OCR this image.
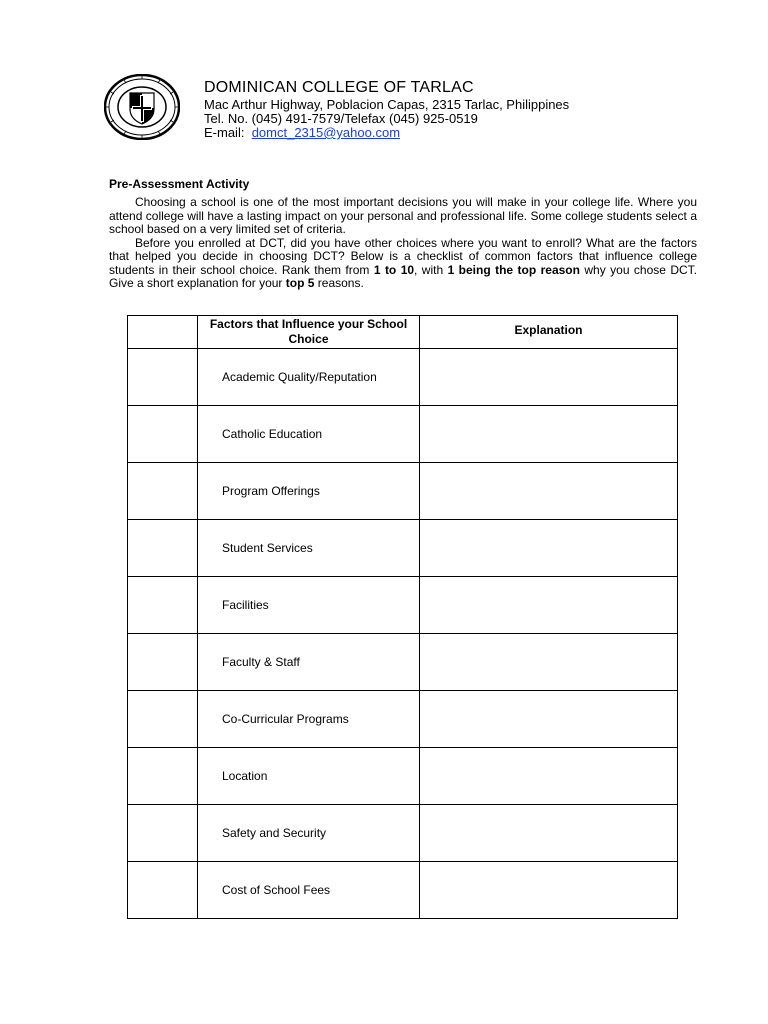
DOMINICAN COLLEGE OF TARLAC
Mac Arthur Highway, Poblacion Capas, 2315 Tarlac, Philippines
Tel. No. (045) 491-7579/Telefax (045) 925-0519
E-mail: domct_2315@yahoo.com
Pre-Assessment Activity

Choosing a school is one of the most important decisions you will make in your college life. Where you attend college will have a lasting impact on your personal and professional life. Some college students select a school based on a very limited set of criteria.

Before you enrolled at DCT, did you have other choices where you want to enroll? What are the factors that helped you decide in choosing DCT? Below is a checklist of common factors that influence college students in their school choice. Rank them from 1 to 10, with 1 being the top reason why you chose DCT. Give a short explanation for your top 5 reasons.

	Factors that Influence your School Choice	Explanation
	Academic Quality/Reputation	
	Catholic Education	
	Program Offerings	
	Student Services	
	Facilities	
	Faculty & Staff	
	Co-Curricular Programs	
	Location	
	Safety and Security	
	Cost of School Fees	
